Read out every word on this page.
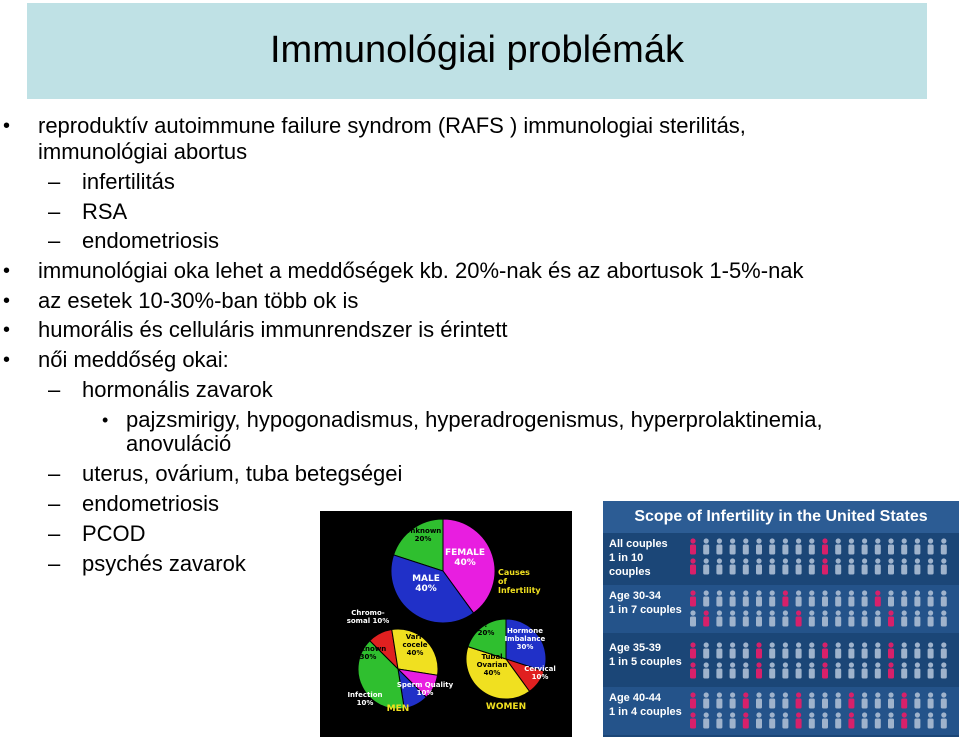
Immunológiai problémák
• reproduktív autoimmune failure syndrom (RAFS ) immunologiai sterilitás,
immunológiai abortus
– infertilitás
– RSA
– endometriosis
• immunológiai oka lehet a meddőségek kb. 20%-nak és az abortusok 1-5%-nak
• az esetek 10-30%-ban több ok is
• humorális és celluláris immunrendszer is érintett
• női meddőség okai:
– hormonális zavarok
• pajzsmirigy, hypogonadismus, hyperadrogenismus, hyperprolaktinemia,
anovuláció
– uterus, ovárium, tuba betegségei
– endometriosis
– PCOD
– psychés zavarok
Unknown 20%
FEMALE 40%
MALE 40%
Causes of Infertility
Chromo-somal 10%
Unknown 30%
Vari-cocele 40%
Sperm Quality 10%
Infection 10%
MEN
? 20%	Hormone Imbalance 30%
Tubal Ovarian 40%	Cervical 10%
WOMEN
Scope of Infertility in the United States
All couples
1 in 10
couples
Age 30-34
1 in 7 couples
Age 35-39
1 in 5 couples
Age 40-44
1 in 4 couples
